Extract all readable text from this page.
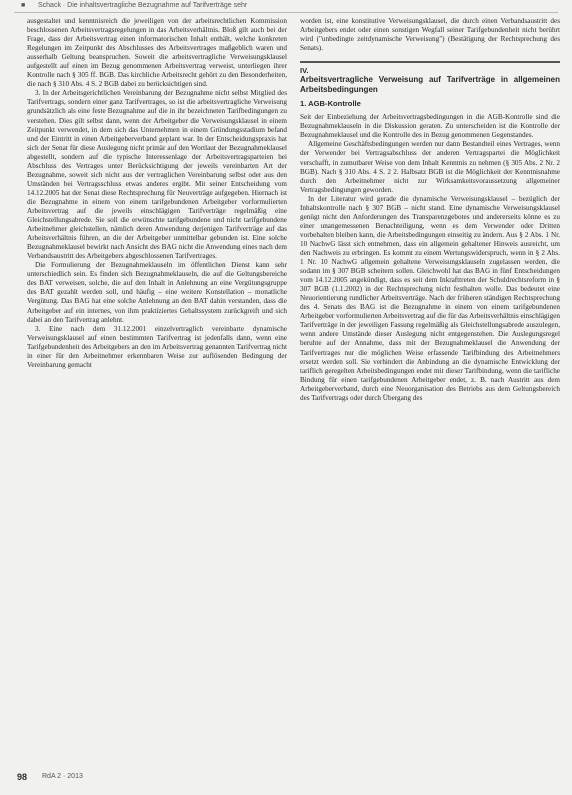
■ Schack · Die inhaltsvertragliche Bezugnahme auf Tarifverträge sehr

ausgestaltet und kenntnisreich die jeweiligen von der arbeitsrechtlichen Kommission beschlossenen Arbeitsvertragsregelungen in das Arbeitsverhältnis. Bloß gilt auch bei der Frage, dass der Arbeitsvertrag einen informatorischen Inhalt enthält, welche konkreten Regelungen im Zeitpunkt des Abschlusses des Arbeitsvertrages maßgeblich waren und ausserhalb Geltung beanspruchen. Soweit die arbeitsvertragliche Verweisungsklausel aufgestellt auf einen im Bezug genommenen Arbeitsvertrag verweist, unterliegen ihrer Kontrolle nach § 305 ff. BGB. Das kirchliche Arbeitsrecht gehört zu den Besonderheiten, die nach § 310 Abs. 4 S. 2 BGB dabei zu berücksichtigen sind.

3. In der Arbeitsgerichtlichen Vereinbarung der Bezugnahme nicht selbst Mitglied des Tarifvertrags, sondern einer ganz Tarifvertrages, so ist die arbeitsvertragliche Verweisung grundsätzlich als eine feste Bezugnahme auf die in ihr bezeichneten Tarifbedingungen zu verstehen. Dies gilt selbst dann, wenn der Arbeitgeber die Verweisungsklausel in einem Zeitpunkt verwendet, in dem sich das Unternehmen in einem Gründungsstadium befand und der Eintritt in einen Arbeitgeberverband geplant war. In der Entscheidungspraxis hat sich der Senat für diese Auslegung nicht primär auf den Wortlaut der Bezugnahmeklausel abgestellt, sondern auf die typische Interessenlage der Arbeitsvertragsparteien bei Abschluss des Vertrages unter Berücksichtigung der jeweils vereinbarten Art der Bezugnahme, soweit sich nicht aus der vertraglichen Vereinbarung selbst oder aus den Umständen bei Vertragsschluss etwas anderes ergibt. Mit seiner Entscheidung vom 14.12.2005 hat der Senat diese Rechtsprechung für Neuverträge aufgegeben. Hiernach ist die Bezugnahme in einem von einem tarifgebundenen Arbeitgeber vorformulierten Arbeitsvertrag auf die jeweils einschlägigen Tarifverträge regelmäßig eine Gleichstellungsabrede. Sie soll die erwünschte tarifgebundene und nicht tarifgebundene Arbeitnehmer gleichstellen, nämlich deren Anwendung derjenigen Tarifverträge auf das Arbeitsverhältnis führen, an die der Arbeitgeber unmittelbar gebunden ist. Eine solche Bezugnahmeklausel bewirkt nach Ansicht des BAG nicht die Anwendung eines nach dem Verbandsaustritt des Arbeitgebers abgeschlossenen Tarifvertrages.

Die Formulierung der Bezugnahmeklauseln im öffentlichen Dienst kann sehr unterschiedlich sein. Es finden sich Bezugnahmeklauseln, die auf die Geltungsbereiche des BAT verweisen, solche, die auf den Inhalt in Anlehnung an eine Vergütungsgruppe des BAT gezahlt werden soll, und häufig – eine weitere Konstellation – monatliche Vergütung. Das BAG hat eine solche Anlehnung an den BAT dahin verstanden, dass die Arbeitgeber auf ein internes, von ihm praktiziertes Gehaltssystem zurückgreift und sich dabei an den Tarifvertrag anlehnt.

3. Eine nach dem 31.12.2001 einzelvertraglich vereinbarte dynamische Verweisungsklausel auf einen bestimmten Tarifvertrag ist jedenfalls dann, wenn eine Tarifgebundenheit des Arbeitgebers an den im Arbeitsvertrag genannten Tarifvertrag nicht in einer für den Arbeitnehmer erkennbaren Weise zur auflösenden Bedingung der Vereinbarung gemacht

worden ist, eine konstitutive Verweisungsklausel, die durch einen Verbandsaustritt des Arbeitgebers endet oder einen sonstigen Wegfall seiner Tarifgebundenheit nicht berührt wird ("unbedingte zeitdynamische Verweisung") (Bestätigung der Rechtsprechung des Senats).

IV.
Arbeitsvertragliche Verweisung auf Tarifverträge in allgemeinen Arbeitsbedingungen
1. AGB-Kontrolle

Seit der Einbeziehung der Arbeitsvertragsbedingungen in die AGB-Kontrolle sind die Bezugnahmeklauseln in die Diskussion geraten. Zu unterscheiden ist die Kontrolle der Bezugnahmeklausel und die Kontrolle des in Bezug genommenen Gegenstandes.

Allgemeine Geschäftsbedingungen werden nur dann Bestandteil eines Vertrages, wenn der Verwender bei Vertragsabschluss der anderen Vertragspartei die Möglichkeit verschafft, in zumutbarer Weise von dem Inhalt Kenntnis zu nehmen (§ 305 Abs. 2 Nr. 2 BGB). Nach § 310 Abs. 4 S. 2 2. Halbsatz BGB ist die Möglichkeit der Kenntnisnahme durch den Arbeitnehmer nicht zur Wirksamkeitsvoraussetzung allgemeiner Vertragsbedingungen geworden.

In der Literatur wird gerade die dynamische Verweisungsklausel – bezüglich der Inhaltskontrolle nach § 307 BGB – nicht stand. Eine dynamische Verweisungsklausel genügt nicht den Anforderungen des Transparenzgebotes und andererseits könne es zu einer unangemessenen Benachteiligung, wenn es dem Verwender oder Dritten vorbehalten bleiben kann, die Arbeitsbedingungen einseitig zu ändern. Aus § 2 Abs. 1 Nr. 10 NachwG lässt sich entnehmen, dass ein allgemein gehaltener Hinweis ausreicht, um den Nachweis zu erbringen. Es kommt zu einem Wertungswiderspruch, wenn in § 2 Abs. 1 Nr. 10 NachwG allgemein gehaltene Verweisungsklauseln zugelassen werden, die sodann im § 307 BGB scheitern sollen. Gleichwohl hat das BAG in fünf Entscheidungen vom 14.12.2005 angekündigt, dass es seit dem Inkrafttreten der Schuldrechtsreform in § 307 BGB (1.1.2002) in der Rechtsprechung nicht festhalten wolle. Das bedeutet eine Neuorientierung rundlicher Arbeitsverträge. Nach der früheren ständigen Rechtsprechung des 4. Senats des BAG ist die Bezugnahme in einem von einem tarifgebundenen Arbeitgeber vorformulierten Arbeitsvertrag auf die für das Arbeitsverhältnis einschlägigen Tarifverträge in der jeweiligen Fassung regelmäßig als Gleichstellungsabrede auszulegen, wenn andere Umstände dieser Auslegung nicht entgegenstehen. Die Auslegungsregel beruhte auf der Annahme, dass mit der Bezugnahmeklausel die Anwendung der Tarifvertrages nur die möglichen Weise erfassende Tarifbindung des Arbeitnehmers ersetzt werden soll. Sie verhindert die Anbindung an die dynamische Entwicklung der tariflich geregelten Arbeitsbedingungen endet mit dieser Tarifbindung, wenn die tarifliche Bindung für einen tarifgebundenen Arbeitgeber endet, z. B. nach Austritt aus dem Arbeitgeberverband, durch eine Neuorganisation des Betriebs aus dem Geltungsbereich des Tarifvertrags oder durch Übergang des

98 RdA 2 · 2013
